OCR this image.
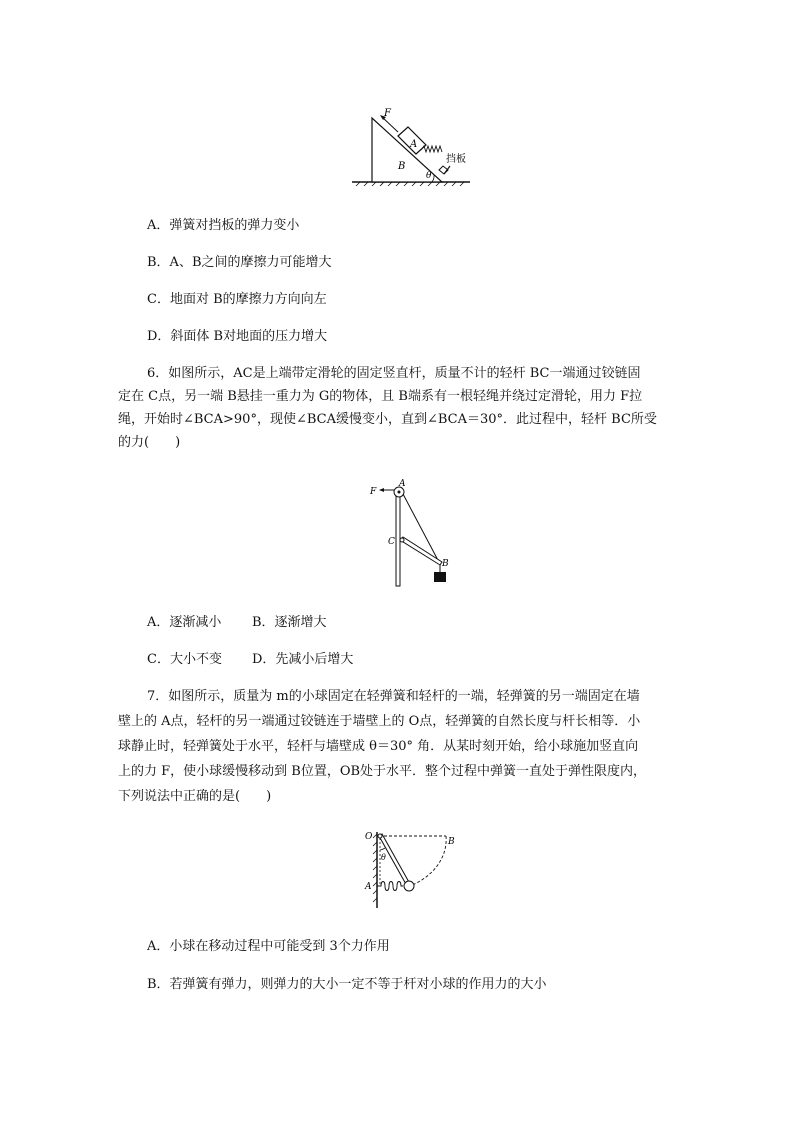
F
A
B
θ
挡板
A．弹簧对挡板的弹力变小
B．A、B之间的摩擦力可能增大
C．地面对 B的摩擦力方向向左
D．斜面体 B对地面的压力增大
6．如图所示，AC是上端带定滑轮的固定竖直杆，质量不计的轻杆 BC一端通过铰链固
定在 C点，另一端 B悬挂一重力为 G的物体，且 B端系有一根轻绳并绕过定滑轮，用力 F拉
绳，开始时∠BCA>90°，现使∠BCA缓慢变小，直到∠BCA＝30°．此过程中，轻杆 BC所受
的力(　　)
F
A
C
B
A．逐渐减小 B．逐渐增大
C．大小不变 D．先减小后增大
7．如图所示，质量为 m的小球固定在轻弹簧和轻杆的一端，轻弹簧的另一端固定在墙
壁上的 A点，轻杆的另一端通过铰链连于墙壁上的 O点，轻弹簧的自然长度与杆长相等．小
球静止时，轻弹簧处于水平，轻杆与墙壁成 θ＝30° 角．从某时刻开始，给小球施加竖直向
上的力 F，使小球缓慢移动到 B位置，OB处于水平．整个过程中弹簧一直处于弹性限度内，
下列说法中正确的是(　　)
O	B
θ
A
A．小球在移动过程中可能受到 3个力作用
B．若弹簧有弹力，则弹力的大小一定不等于杆对小球的作用力的大小
